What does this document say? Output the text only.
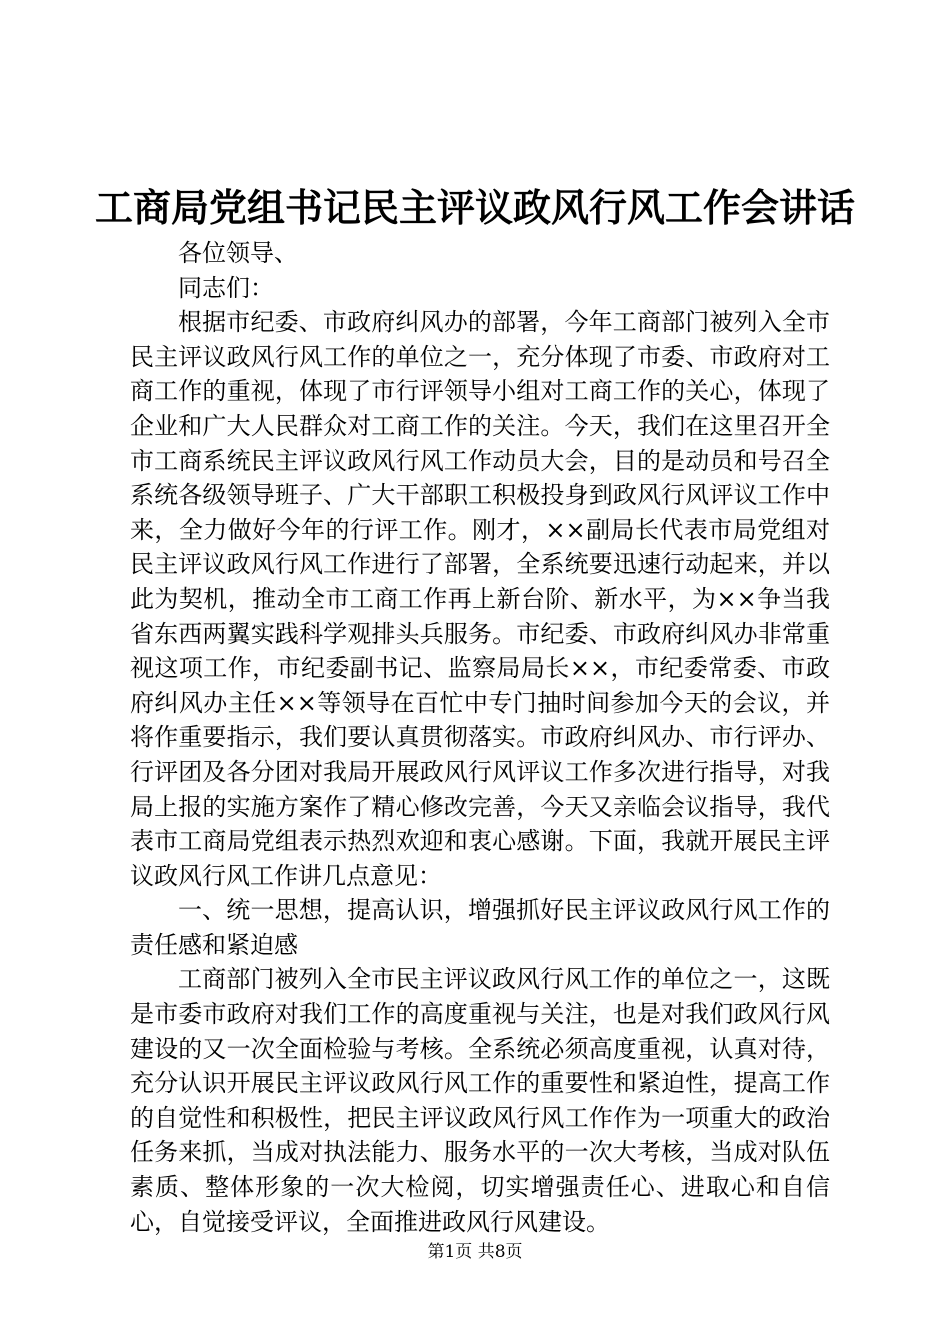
工商局党组书记民主评议政风行风工作会讲话

各位领导、

同志们：

根据市纪委、市政府纠风办的部署，今年工商部门被列入全市民主评议政风行风工作的单位之一，充分体现了市委、市政府对工商工作的重视，体现了市行评领导小组对工商工作的关心，体现了企业和广大人民群众对工商工作的关注。今天，我们在这里召开全市工商系统民主评议政风行风工作动员大会，目的是动员和号召全系统各级领导班子、广大干部职工积极投身到政风行风评议工作中来，全力做好今年的行评工作。刚才，××副局长代表市局党组对民主评议政风行风工作进行了部署，全系统要迅速行动起来，并以此为契机，推动全市工商工作再上新台阶、新水平，为××争当我省东西两翼实践科学观排头兵服务。市纪委、市政府纠风办非常重视这项工作，市纪委副书记、监察局局长××，市纪委常委、市政府纠风办主任××等领导在百忙中专门抽时间参加今天的会议，并将作重要指示，我们要认真贯彻落实。市政府纠风办、市行评办、行评团及各分团对我局开展政风行风评议工作多次进行指导，对我局上报的实施方案作了精心修改完善，今天又亲临会议指导，我代表市工商局党组表示热烈欢迎和衷心感谢。下面，我就开展民主评议政风行风工作讲几点意见：

一、统一思想，提高认识，增强抓好民主评议政风行风工作的责任感和紧迫感

工商部门被列入全市民主评议政风行风工作的单位之一，这既是市委市政府对我们工作的高度重视与关注，也是对我们政风行风建设的又一次全面检验与考核。全系统必须高度重视，认真对待，充分认识开展民主评议政风行风工作的重要性和紧迫性，提高工作的自觉性和积极性，把民主评议政风行风工作作为一项重大的政治任务来抓，当成对执法能力、服务水平的一次大考核，当成对队伍素质、整体形象的一次大检阅，切实增强责任心、进取心和自信心，自觉接受评议，全面推进政风行风建设。

第1页 共8页
